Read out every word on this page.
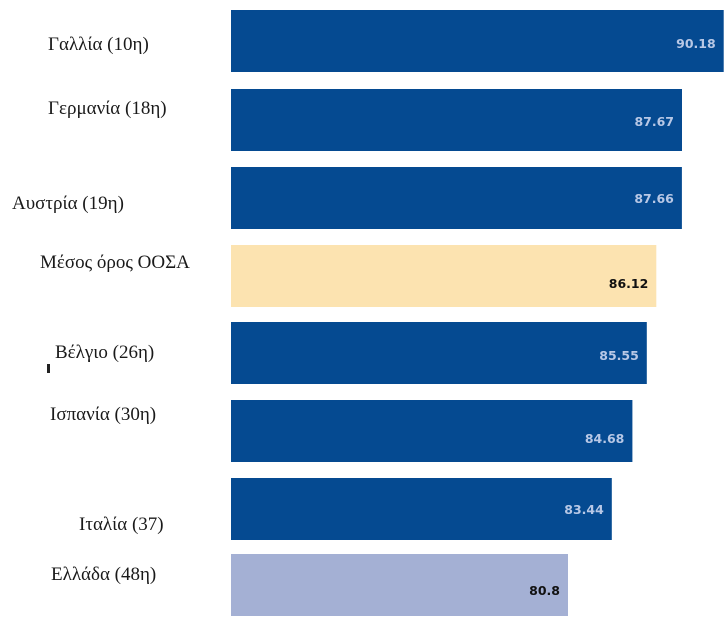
90.18
87.67
87.66
86.12
85.55
84.68
83.44
80.8
Γαλλία (10η)
Γερμανία (18η)
Αυστρία (19η)
Μέσος όρος ΟΟΣΑ
Βέλγιο (26η)
Ισπανία (30η)
Ιταλία (37)
Ελλάδα (48η)
